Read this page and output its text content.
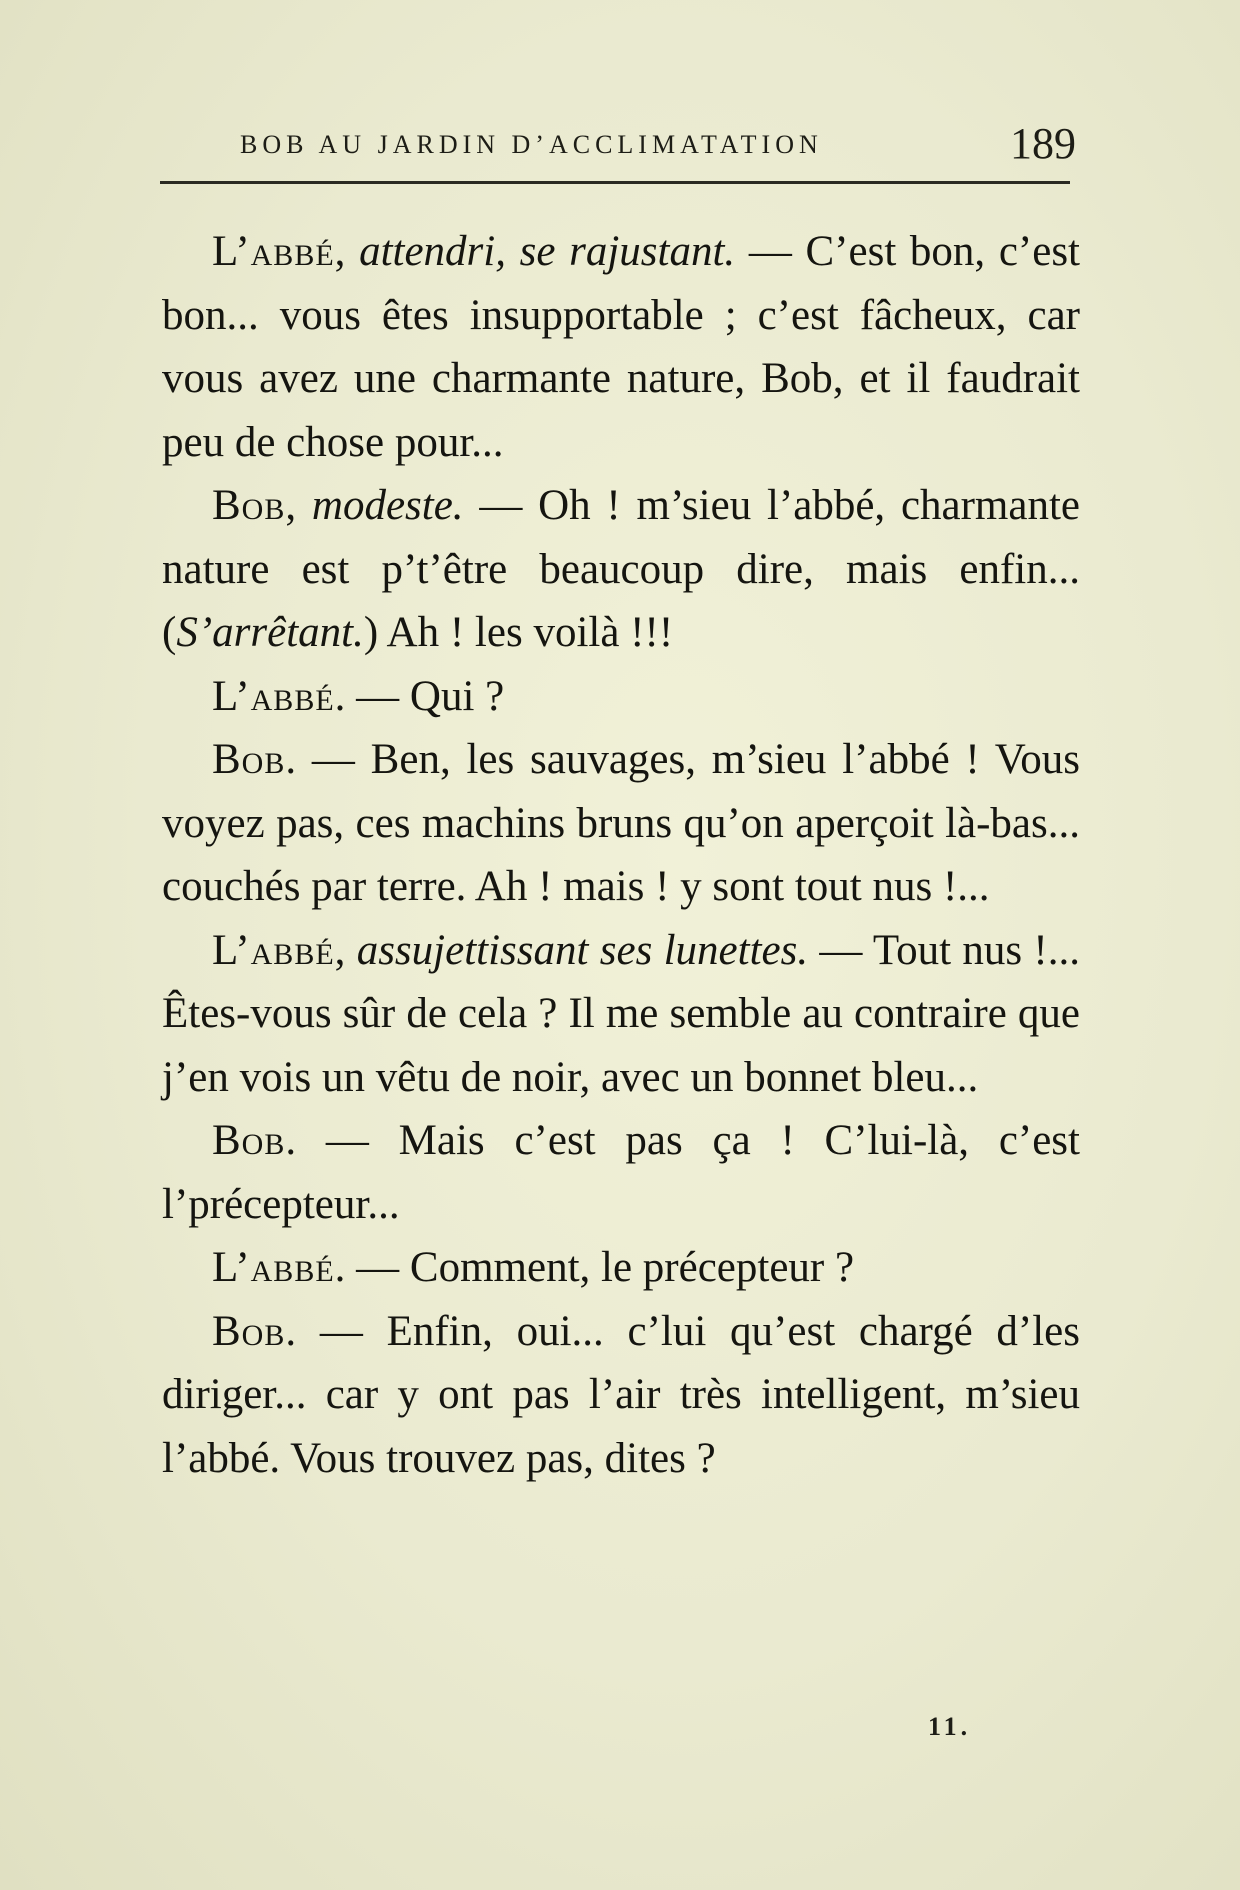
BOB AU JARDIN D’ACCLIMATATION	189

L’abbé, attendri, se rajustant. — C’est bon, c’est bon... vous êtes insupportable ; c’est fâcheux, car vous avez une charmante nature, Bob, et il faudrait peu de chose pour...

Bob, modeste. — Oh ! m’sieu l’abbé, charmante nature est p’t’être beaucoup dire, mais enfin... (S’arrêtant.) Ah ! les voilà !!!

L’abbé. — Qui ?

Bob. — Ben, les sauvages, m’sieu l’abbé ! Vous voyez pas, ces machins bruns qu’on aperçoit là-bas... couchés par terre. Ah ! mais ! y sont tout nus !...

L’abbé, assujettissant ses lunettes. — Tout nus !... Êtes-vous sûr de cela ? Il me semble au contraire que j’en vois un vêtu de noir, avec un bonnet bleu...

Bob. — Mais c’est pas ça ! C’lui-là, c’est l’précepteur...

L’abbé. — Comment, le précepteur ?

Bob. — Enfin, oui... c’lui qu’est chargé d’les diriger... car y ont pas l’air très intelligent, m’sieu l’abbé. Vous trouvez pas, dites ?

11.
